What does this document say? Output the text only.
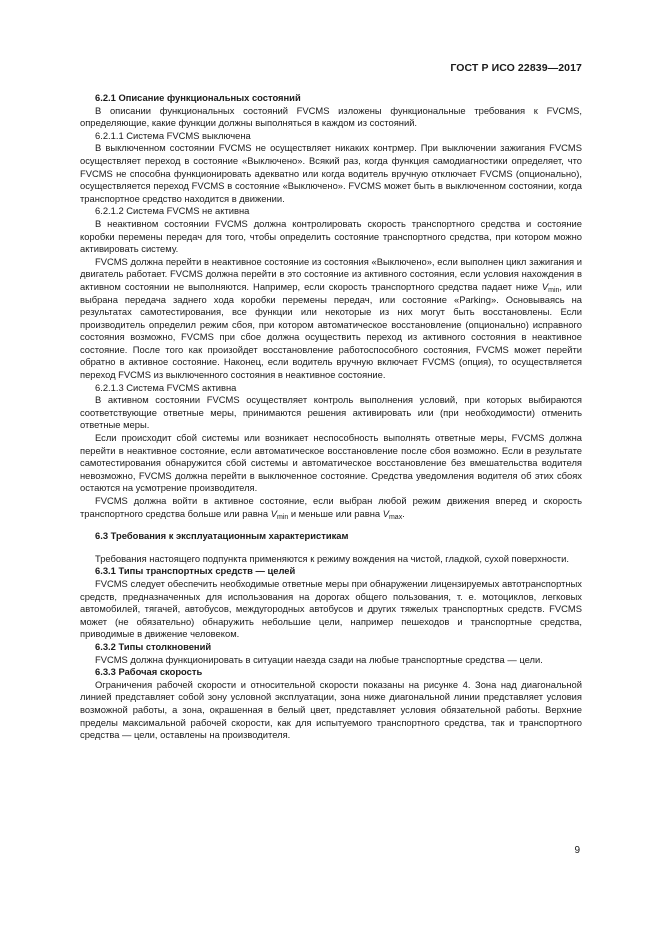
ГОСТ Р ИСО 22839—2017

6.2.1 Описание функциональных состояний

В описании функциональных состояний FVCMS изложены функциональные требования к FVCMS, определяющие, какие функции должны выполняться в каждом из состояний.

6.2.1.1 Система FVCMS выключена

В выключенном состоянии FVCMS не осуществляет никаких контрмер. При выключении зажигания FVCMS осуществляет переход в состояние «Выключено». Всякий раз, когда функция самодиагностики определяет, что FVCMS не способна функционировать адекватно или когда водитель вручную отключает FVCMS (опционально), осуществляется переход FVCMS в состояние «Выключено». FVCMS может быть в выключенном состоянии, когда транспортное средство находится в движении.

6.2.1.2 Система FVCMS не активна

В неактивном состоянии FVCMS должна контролировать скорость транспортного средства и состояние коробки перемены передач для того, чтобы определить состояние транспортного средства, при котором можно активировать систему.

FVCMS должна перейти в неактивное состояние из состояния «Выключено», если выполнен цикл зажигания и двигатель работает. FVCMS должна перейти в это состояние из активного состояния, если условия нахождения в активном состоянии не выполняются. Например, если скорость транспортного средства падает ниже $V_{min}$, или выбрана передача заднего хода коробки перемены передач, или состояние «Parking». Основываясь на результатах самотестирования, все функции или некоторые из них могут быть восстановлены. Если производитель определил режим сбоя, при котором автоматическое восстановление (опционально) исправного состояния возможно, FVCMS при сбое должна осуществить переход из активного состояния в неактивное состояние. После того как произойдет восстановление работоспособного состояния, FVCMS может перейти обратно в активное состояние. Наконец, если водитель вручную включает FVCMS (опция), то осуществляется переход FVCMS из выключенного состояния в неактивное состояние.

6.2.1.3 Система FVCMS активна

В активном состоянии FVCMS осуществляет контроль выполнения условий, при которых выбираются соответствующие ответные меры, принимаются решения активировать или (при необходимости) отменить ответные меры.

Если происходит сбой системы или возникает неспособность выполнять ответные меры, FVCMS должна перейти в неактивное состояние, если автоматическое восстановление после сбоя возможно. Если в результате самотестирования обнаружится сбой системы и автоматическое восстановление без вмешательства водителя невозможно, FVCMS должна перейти в выключенное состояние. Средства уведомления водителя об этих сбоях остаются на усмотрение производителя.

FVCMS должна войти в активное состояние, если выбран любой режим движения вперед и скорость транспортного средства больше или равна $V_{min}$ и меньше или равна $V_{max}$.

6.3 Требования к эксплуатационным характеристикам

Требования настоящего подпункта применяются к режиму вождения на чистой, гладкой, сухой поверхности.

6.3.1 Типы транспортных средств — целей

FVCMS следует обеспечить необходимые ответные меры при обнаружении лицензируемых автотранспортных средств, предназначенных для использования на дорогах общего пользования, т. е. мотоциклов, легковых автомобилей, тягачей, автобусов, междугородных автобусов и других тяжелых транспортных средств. FVCMS может (не обязательно) обнаружить небольшие цели, например пешеходов и транспортные средства, приводимые в движение человеком.

6.3.2 Типы столкновений

FVCMS должна функционировать в ситуации наезда сзади на любые транспортные средства — цели.

6.3.3 Рабочая скорость

Ограничения рабочей скорости и относительной скорости показаны на рисунке 4. Зона над диагональной линией представляет собой зону условной эксплуатации, зона ниже диагональной линии представляет условия возможной работы, а зона, окрашенная в белый цвет, представляет условия обязательной работы. Верхние пределы максимальной рабочей скорости, как для испытуемого транспортного средства, так и транспортного средства — цели, оставлены на производителя.

9
